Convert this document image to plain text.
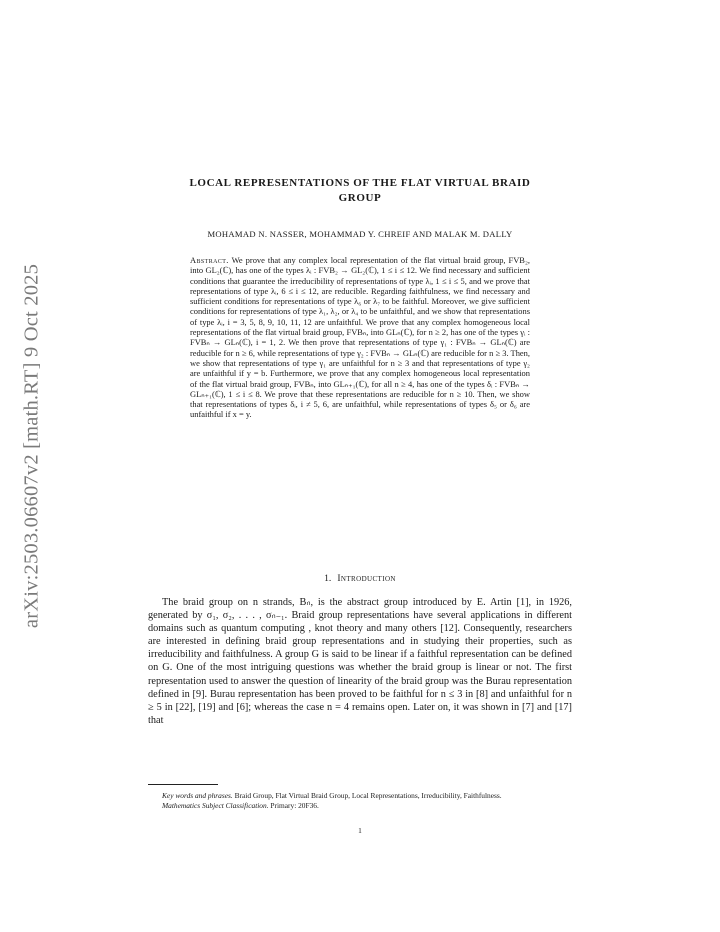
arXiv:2503.06607v2 [math.RT] 9 Oct 2025
LOCAL REPRESENTATIONS OF THE FLAT VIRTUAL BRAID
GROUP
MOHAMAD N. NASSER, MOHAMMAD Y. CHREIF AND MALAK M. DALLY
Abstract. We prove that any complex local representation of the flat virtual braid group, FVB₂, into GL₂(ℂ), has one of the types λᵢ : FVB₂ → GL₂(ℂ), 1 ≤ i ≤ 12. We find necessary and sufficient conditions that guarantee the irreducibility of representations of type λᵢ, 1 ≤ i ≤ 5, and we prove that representations of type λᵢ, 6 ≤ i ≤ 12, are reducible. Regarding faithfulness, we find necessary and sufficient conditions for representations of type λ₆ or λ₇ to be faithful. Moreover, we give sufficient conditions for representations of type λ₁, λ₂, or λ₄ to be unfaithful, and we show that representations of type λᵢ, i = 3, 5, 8, 9, 10, 11, 12 are unfaithful. We prove that any complex homogeneous local representations of the flat virtual braid group, FVBₙ, into GLₙ(ℂ), for n ≥ 2, has one of the types γᵢ : FVBₙ → GLₙ(ℂ), i = 1, 2. We then prove that representations of type γ₁ : FVBₙ → GLₙ(ℂ) are reducible for n ≥ 6, while representations of type γ₂ : FVBₙ → GLₙ(ℂ) are reducible for n ≥ 3. Then, we show that representations of type γ₁ are unfaithful for n ≥ 3 and that representations of type γ₂ are unfaithful if y = b. Furthermore, we prove that any complex homogeneous local representation of the flat virtual braid group, FVBₙ, into GLₙ₊₁(ℂ), for all n ≥ 4, has one of the types δᵢ : FVBₙ → GLₙ₊₁(ℂ), 1 ≤ i ≤ 8. We prove that these representations are reducible for n ≥ 10. Then, we show that representations of types δᵢ, i ≠ 5, 6, are unfaithful, while representations of types δ₅ or δ₆ are unfaithful if x = y.
1. Introduction
The braid group on n strands, Bₙ, is the abstract group introduced by E. Artin [1], in 1926, generated by σ₁, σ₂, . . . , σₙ₋₁. Braid group representations have several applications in different domains such as quantum computing , knot theory and many others [12]. Consequently, researchers are interested in defining braid group representations and in studying their properties, such as irreducibility and faithfulness. A group G is said to be linear if a faithful representation can be defined on G. One of the most intriguing questions was whether the braid group is linear or not. The first representation used to answer the question of linearity of the braid group was the Burau representation defined in [9]. Burau representation has been proved to be faithful for n ≤ 3 in [8] and unfaithful for n ≥ 5 in [22], [19] and [6]; whereas the case n = 4 remains open. Later on, it was shown in [7] and [17] that

Key words and phrases. Braid Group, Flat Virtual Braid Group, Local Representations, Irreducibility, Faithfulness.

Mathematics Subject Classification. Primary: 20F36.

1
